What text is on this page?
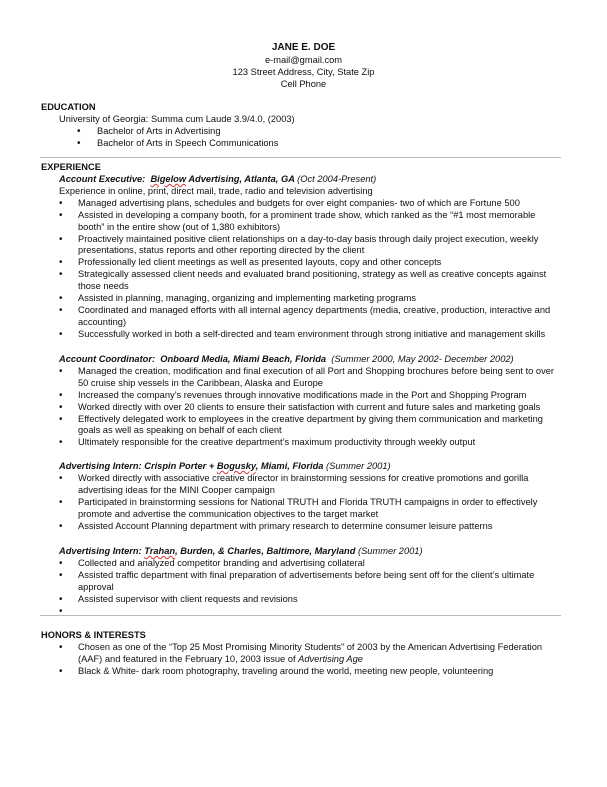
JANE E. DOE
e-mail@gmail.com
123 Street Address, City, State Zip
Cell Phone
EDUCATION
University of Georgia: Summa cum Laude 3.9/4.0, (2003)
• Bachelor of Arts in Advertising
• Bachelor of Arts in Speech Communications
EXPERIENCE
Account Executive: Bigelow Advertising, Atlanta, GA (Oct 2004-Present)
Experience in online, print, direct mail, trade, radio and television advertising
• Managed advertising plans, schedules and budgets for over eight companies- two of which are Fortune 500
• Assisted in developing a company booth, for a prominent trade show, which ranked as the “#1 most memorable booth” in the entire show (out of 1,380 exhibitors)
• Proactively maintained positive client relationships on a day-to-day basis through daily project execution, weekly presentations, status reports and other reporting directed by the client
• Professionally led client meetings as well as presented layouts, copy and other concepts
• Strategically assessed client needs and evaluated brand positioning, strategy as well as creative concepts against those needs
• Assisted in planning, managing, organizing and implementing marketing programs
• Coordinated and managed efforts with all internal agency departments (media, creative, production, interactive and accounting)
• Successfully worked in both a self-directed and team environment through strong initiative and management skills
Account Coordinator: Onboard Media, Miami Beach, Florida (Summer 2000, May 2002- December 2002)
• Managed the creation, modification and final execution of all Port and Shopping brochures before being sent to over 50 cruise ship vessels in the Caribbean, Alaska and Europe
• Increased the company’s revenues through innovative modifications made in the Port and Shopping Program
• Worked directly with over 20 clients to ensure their satisfaction with current and future sales and marketing goals
• Effectively delegated work to employees in the creative department by giving them communication and marketing goals as well as speaking on behalf of each client
• Ultimately responsible for the creative department’s maximum productivity through weekly output
Advertising Intern: Crispin Porter + Bogusky, Miami, Florida (Summer 2001)
• Worked directly with associative creative director in brainstorming sessions for creative promotions and gorilla advertising ideas for the MINI Cooper campaign
• Participated in brainstorming sessions for National TRUTH and Florida TRUTH campaigns in order to effectively promote and advertise the communication objectives to the target market
• Assisted Account Planning department with primary research to determine consumer leisure patterns
Advertising Intern: Trahan, Burden, & Charles, Baltimore, Maryland (Summer 2001)
• Collected and analyzed competitor branding and advertising collateral
• Assisted traffic department with final preparation of advertisements before being sent off for the client’s ultimate approval
• Assisted supervisor with client requests and revisions
•
HONORS & INTERESTS
• Chosen as one of the “Top 25 Most Promising Minority Students” of 2003 by the American Advertising Federation (AAF) and featured in the February 10, 2003 issue of Advertising Age
• Black & White- dark room photography, traveling around the world, meeting new people, volunteering
